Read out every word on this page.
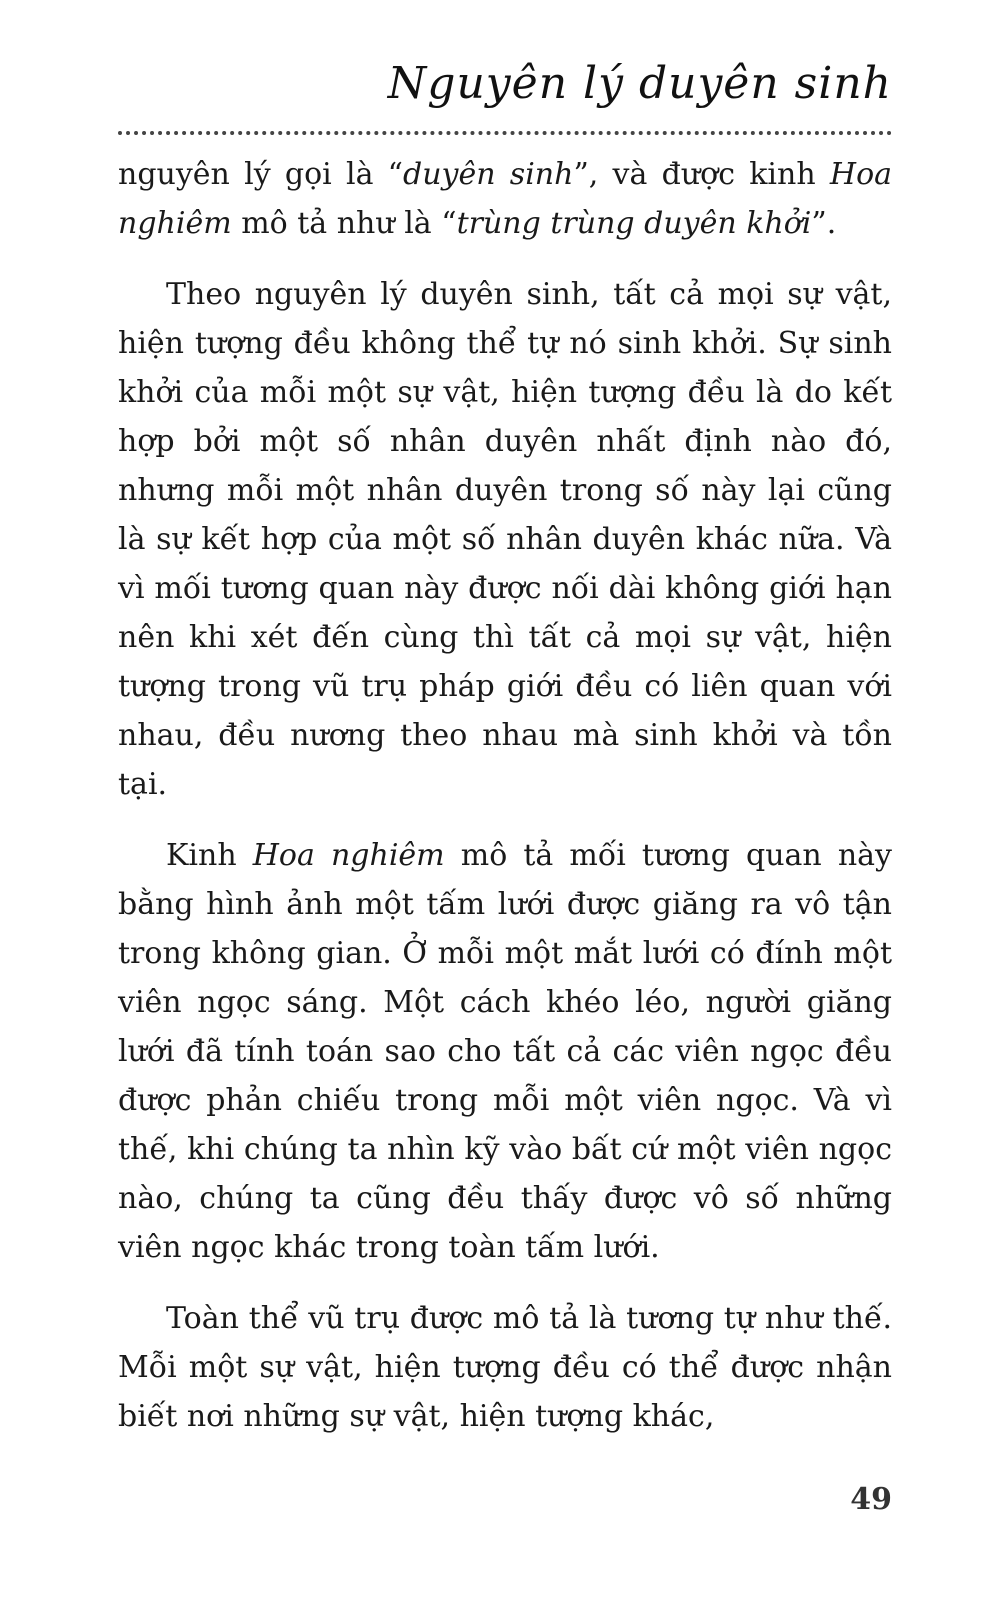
Nguyên lý duyên sinh

nguyên lý gọi là “duyên sinh”, và được kinh Hoa nghiêm mô tả như là “trùng trùng duyên khởi”.

Theo nguyên lý duyên sinh, tất cả mọi sự vật, hiện tượng đều không thể tự nó sinh khởi. Sự sinh khởi của mỗi một sự vật, hiện tượng đều là do kết hợp bởi một số nhân duyên nhất định nào đó, nhưng mỗi một nhân duyên trong số này lại cũng là sự kết hợp của một số nhân duyên khác nữa. Và vì mối tương quan này được nối dài không giới hạn nên khi xét đến cùng thì tất cả mọi sự vật, hiện tượng trong vũ trụ pháp giới đều có liên quan với nhau, đều nương theo nhau mà sinh khởi và tồn tại.

Kinh Hoa nghiêm mô tả mối tương quan này bằng hình ảnh một tấm lưới được giăng ra vô tận trong không gian. Ở mỗi một mắt lưới có đính một viên ngọc sáng. Một cách khéo léo, người giăng lưới đã tính toán sao cho tất cả các viên ngọc đều được phản chiếu trong mỗi một viên ngọc. Và vì thế, khi chúng ta nhìn kỹ vào bất cứ một viên ngọc nào, chúng ta cũng đều thấy được vô số những viên ngọc khác trong toàn tấm lưới.

Toàn thể vũ trụ được mô tả là tương tự như thế. Mỗi một sự vật, hiện tượng đều có thể được nhận biết nơi những sự vật, hiện tượng khác,

49
